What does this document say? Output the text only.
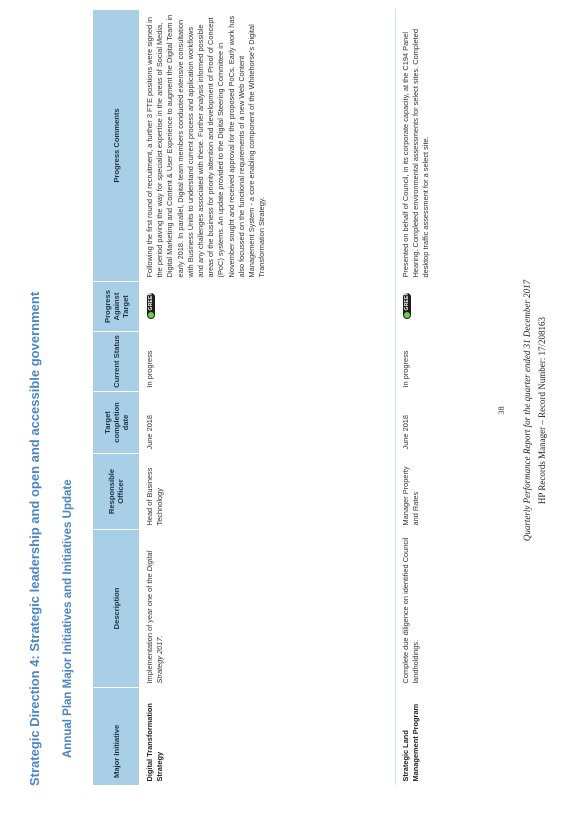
Strategic Direction 4: Strategic leadership and open and accessible government Annual Plan Major Initiatives and Initiatives Update	Major Initiative	Description	Responsible Officer	Target completion date	Current Status	Progress Against Target	Progress Comments
Digital Transformation Strategy	Implementation of year one of the Digital Strategy 2017.	Head of Business Technology	June 2018	In progress	GREEN	Following the first round of recruitment, a further 3 FTE positions were signed in the period paving the way for specialist expertise in the areas of Social Media, Digital Marketing and Content & User Experience to augment the Digital Team in early 2018. In parallel, Digital team members conducted extensive consultation with Business Units to understand current process and application workflows and any challenges associated with these. Further analysis informed possible areas of the business for priority attention and development of Proof of Concept (PoC) systems. An update provided to the Digital Steering Committee in November sought and received approval for the proposed PoCs. Early work has also focussed on the functional requirements of a new Web Content Management System - a core enabling component of the Whitehorse's Digital Transformation Strategy.
Strategic Land Management Program	Complete due diligence on identified Council landholdings.	Manager Property and Rates	June 2018	In progress	GREEN	Presented on behalf of Council, in its corporate capacity, at the C194 Panel Hearing. Completed environmental assessments for select sites. Completed desktop traffic assessment for a select site.
38 Quarterly Performance Report for the quarter ended 31 December 2017 HP Records Manager – Record Number: 17/208163
